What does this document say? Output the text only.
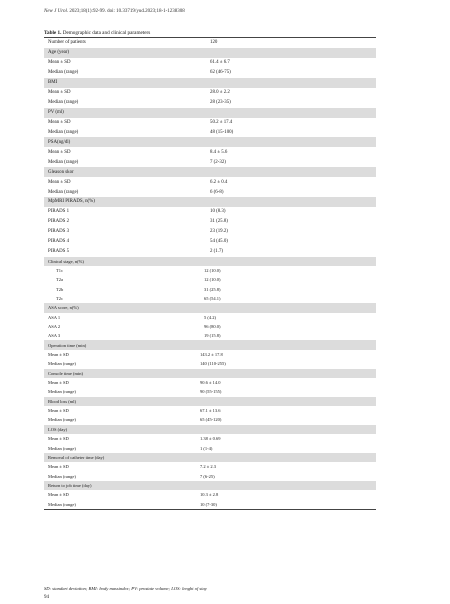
New J Urol. 2023;18(1):92-99. doi: 10.33719/yud.2023;18-1-1238308
Table 1. Demographic data and clinical parameters
Number of patients	120
Age (year)
Mean ± SD	61.4 ± 6.7
Median (range)	62 (46-75)
BMI
Mean ± SD	28.0 ± 2.2
Median (range)	28 (23-35)
PV (ml)
Mean ± SD	50.2 ± 17.4
Median (range)	48 (15-100)
PSA(ng/dl)
Mean ± SD	8.4 ± 5.6
Median (range)	7 (2-32)
Gleason skor
Mean ± SD	6.2 ± 0.4
Median (range)	6 (6-8)
MpMRI PIRADS, n(%)
PIRADS 1	10 (8.3)
PIRADS 2	31 (25.8)
PIRADS 3	23 (19.2)
PIRADS 4	54 (45.0)
PIRADS 5	2 (1.7)
Clinical stage, n(%)
T1c	12 (10.0)
T2a	12 (10.0)
T2b	31 (25.8)
T2c	65 (54.1)
ASA score, n(%)
ASA 1	5 (4.2)
ASA 2	96 (80.0)
ASA 3	19 (15.8)
Operation time (min)
Mean ± SD	143.2 ± 17.8
Median (range)	140 (110-255)
Console time (min)
Mean ± SD	90.6 ± 14.0
Median (range)	90 (55-155)
Blood loss (ml)
Mean ± SD	67.1 ± 13.6
Median (range)	65 (45-120)
LOS (day)
Mean ± SD	1.38 ± 0.69
Median (range)	1 (1-4)
Removal of catheter time (day)
Mean ± SD	7.2 ± 2.3
Median (range)	7 (6-25)
Return to job time (day)
Mean ± SD	10.3 ± 2.8
Median (range)	10 (7-30)
SD: standart deviation; BMI: body massindex; PV: prostate volume; LOS: lenght of stay
94
